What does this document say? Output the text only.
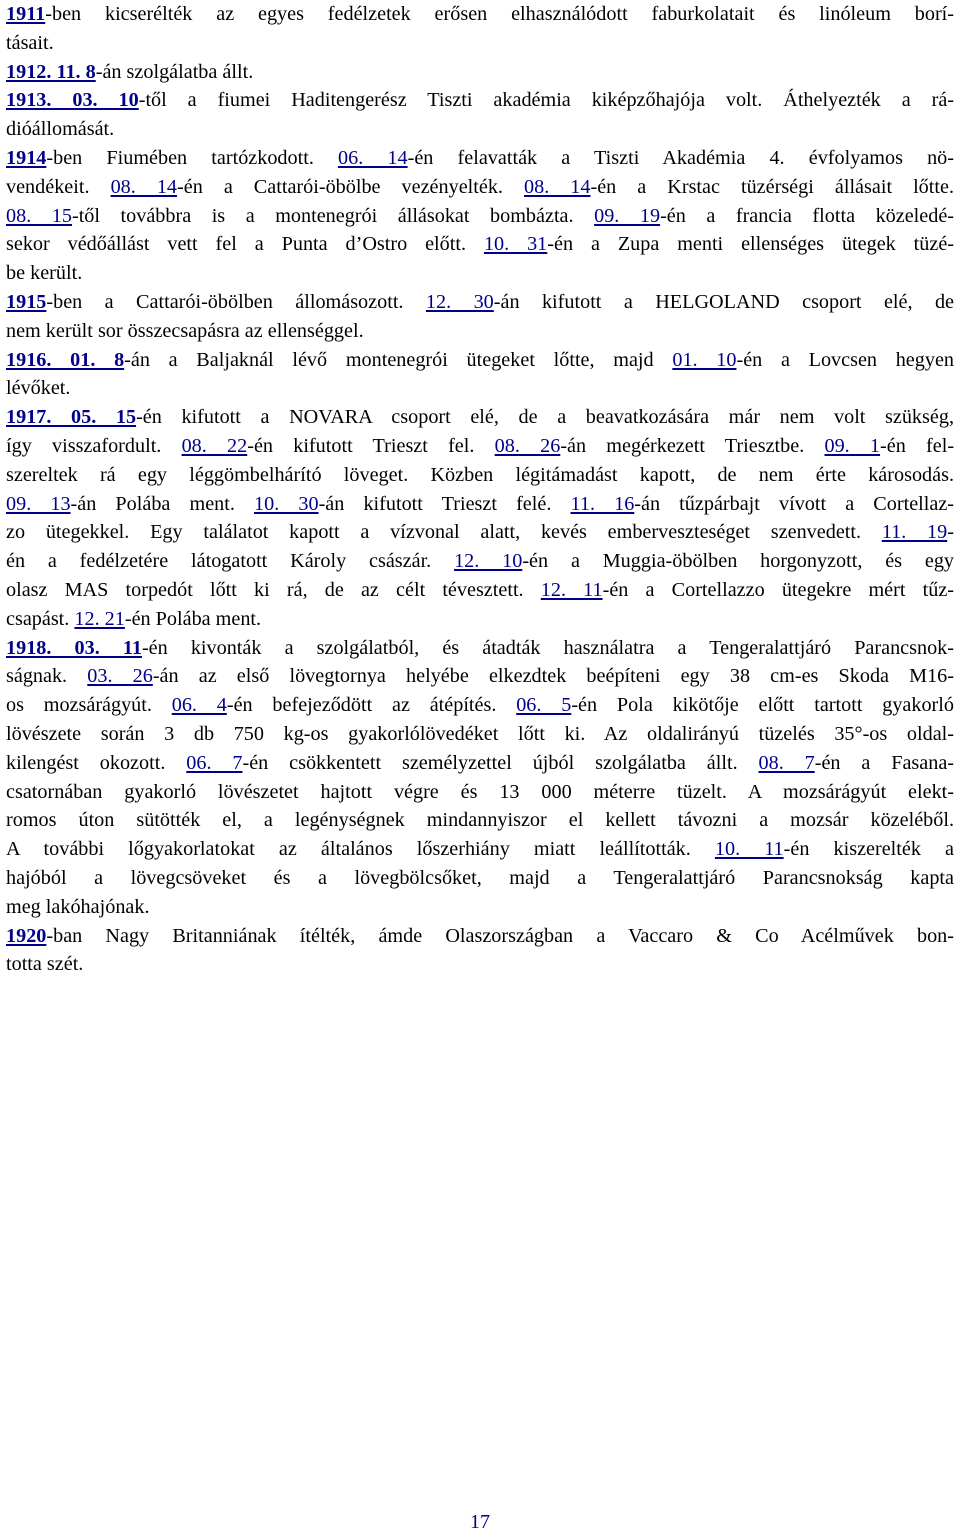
1911-ben kicserélték az egyes fedélzetek erősen elhasználódott faburkolatait és linóleum borí-
tásait.

1912. 11. 8-án szolgálatba állt.

1913. 03. 10-től a fiumei Haditengerész Tiszti akadémia kiképzőhajója volt. Áthelyezték a rá-
dióállomását.

1914-ben Fiumében tartózkodott. 06. 14-én felavatták a Tiszti Akadémia 4. évfolyamos nö-
vendékeit. 08. 14-én a Cattarói-öbölbe vezényelték. 08. 14-én a Krstac tüzérségi állásait lőtte.
08. 15-től továbbra is a montenegrói állásokat bombázta. 09. 19-én a francia flotta közeledé-
sekor védőállást vett fel a Punta d’Ostro előtt. 10. 31-én a Zupa menti ellenséges ütegek tüzé-
be került.

1915-ben a Cattarói-öbölben állomásozott. 12. 30-án kifutott a HELGOLAND csoport elé, de
nem került sor összecsapásra az ellenséggel.

1916. 01. 8-án a Baljaknál lévő montenegrói ütegeket lőtte, majd 01. 10-én a Lovcsen hegyen
lévőket.

1917. 05. 15-én kifutott a NOVARA csoport elé, de a beavatkozására már nem volt szükség,
így visszafordult. 08. 22-én kifutott Trieszt fel. 08. 26-án megérkezett Triesztbe. 09. 1-én fel-
szereltek rá egy léggömbelhárító löveget. Közben légitámadást kapott, de nem érte károsodás.
09. 13-án Polába ment. 10. 30-án kifutott Trieszt felé. 11. 16-án tűzpárbajt vívott a Cortellaz-
zo ütegekkel. Egy találatot kapott a vízvonal alatt, kevés emberveszteséget szenvedett. 11. 19-
én a fedélzetére látogatott Károly császár. 12. 10-én a Muggia-öbölben horgonyzott, és egy
olasz MAS torpedót lőtt ki rá, de az célt tévesztett. 12. 11-én a Cortellazzo ütegekre mért tűz-
csapást. 12. 21-én Polába ment.

1918. 03. 11-én kivonták a szolgálatból, és átadták használatra a Tengeralattjáró Parancsnok-
ságnak. 03. 26-án az első lövegtornya helyébe elkezdtek beépíteni egy 38 cm-es Skoda M16-
os mozsárágyút. 06. 4-én befejeződött az átépítés. 06. 5-én Pola kikötője előtt tartott gyakorló
lövészete során 3 db 750 kg-os gyakorlólövedéket lőtt ki. Az oldalirányú tüzelés 35°-os oldal-
kilengést okozott. 06. 7-én csökkentett személyzettel újból szolgálatba állt. 08. 7-én a Fasana-
csatornában gyakorló lövészetet hajtott végre és 13 000 méterre tüzelt. A mozsárágyút elekt-
romos úton sütötték el, a legénységnek mindannyiszor el kellett távozni a mozsár közeléből.
A további lőgyakorlatokat az általános lőszerhiány miatt leállították. 10. 11-én kiszerelték a
hajóból a lövegcsöveket és a lövegbölcsőket, majd a Tengeralattjáró Parancsnokság kapta
meg lakóhajónak.

1920-ban Nagy Britanniának ítélték, ámde Olaszországban a Vaccaro & Co Acélművek bon-
totta szét.

17
